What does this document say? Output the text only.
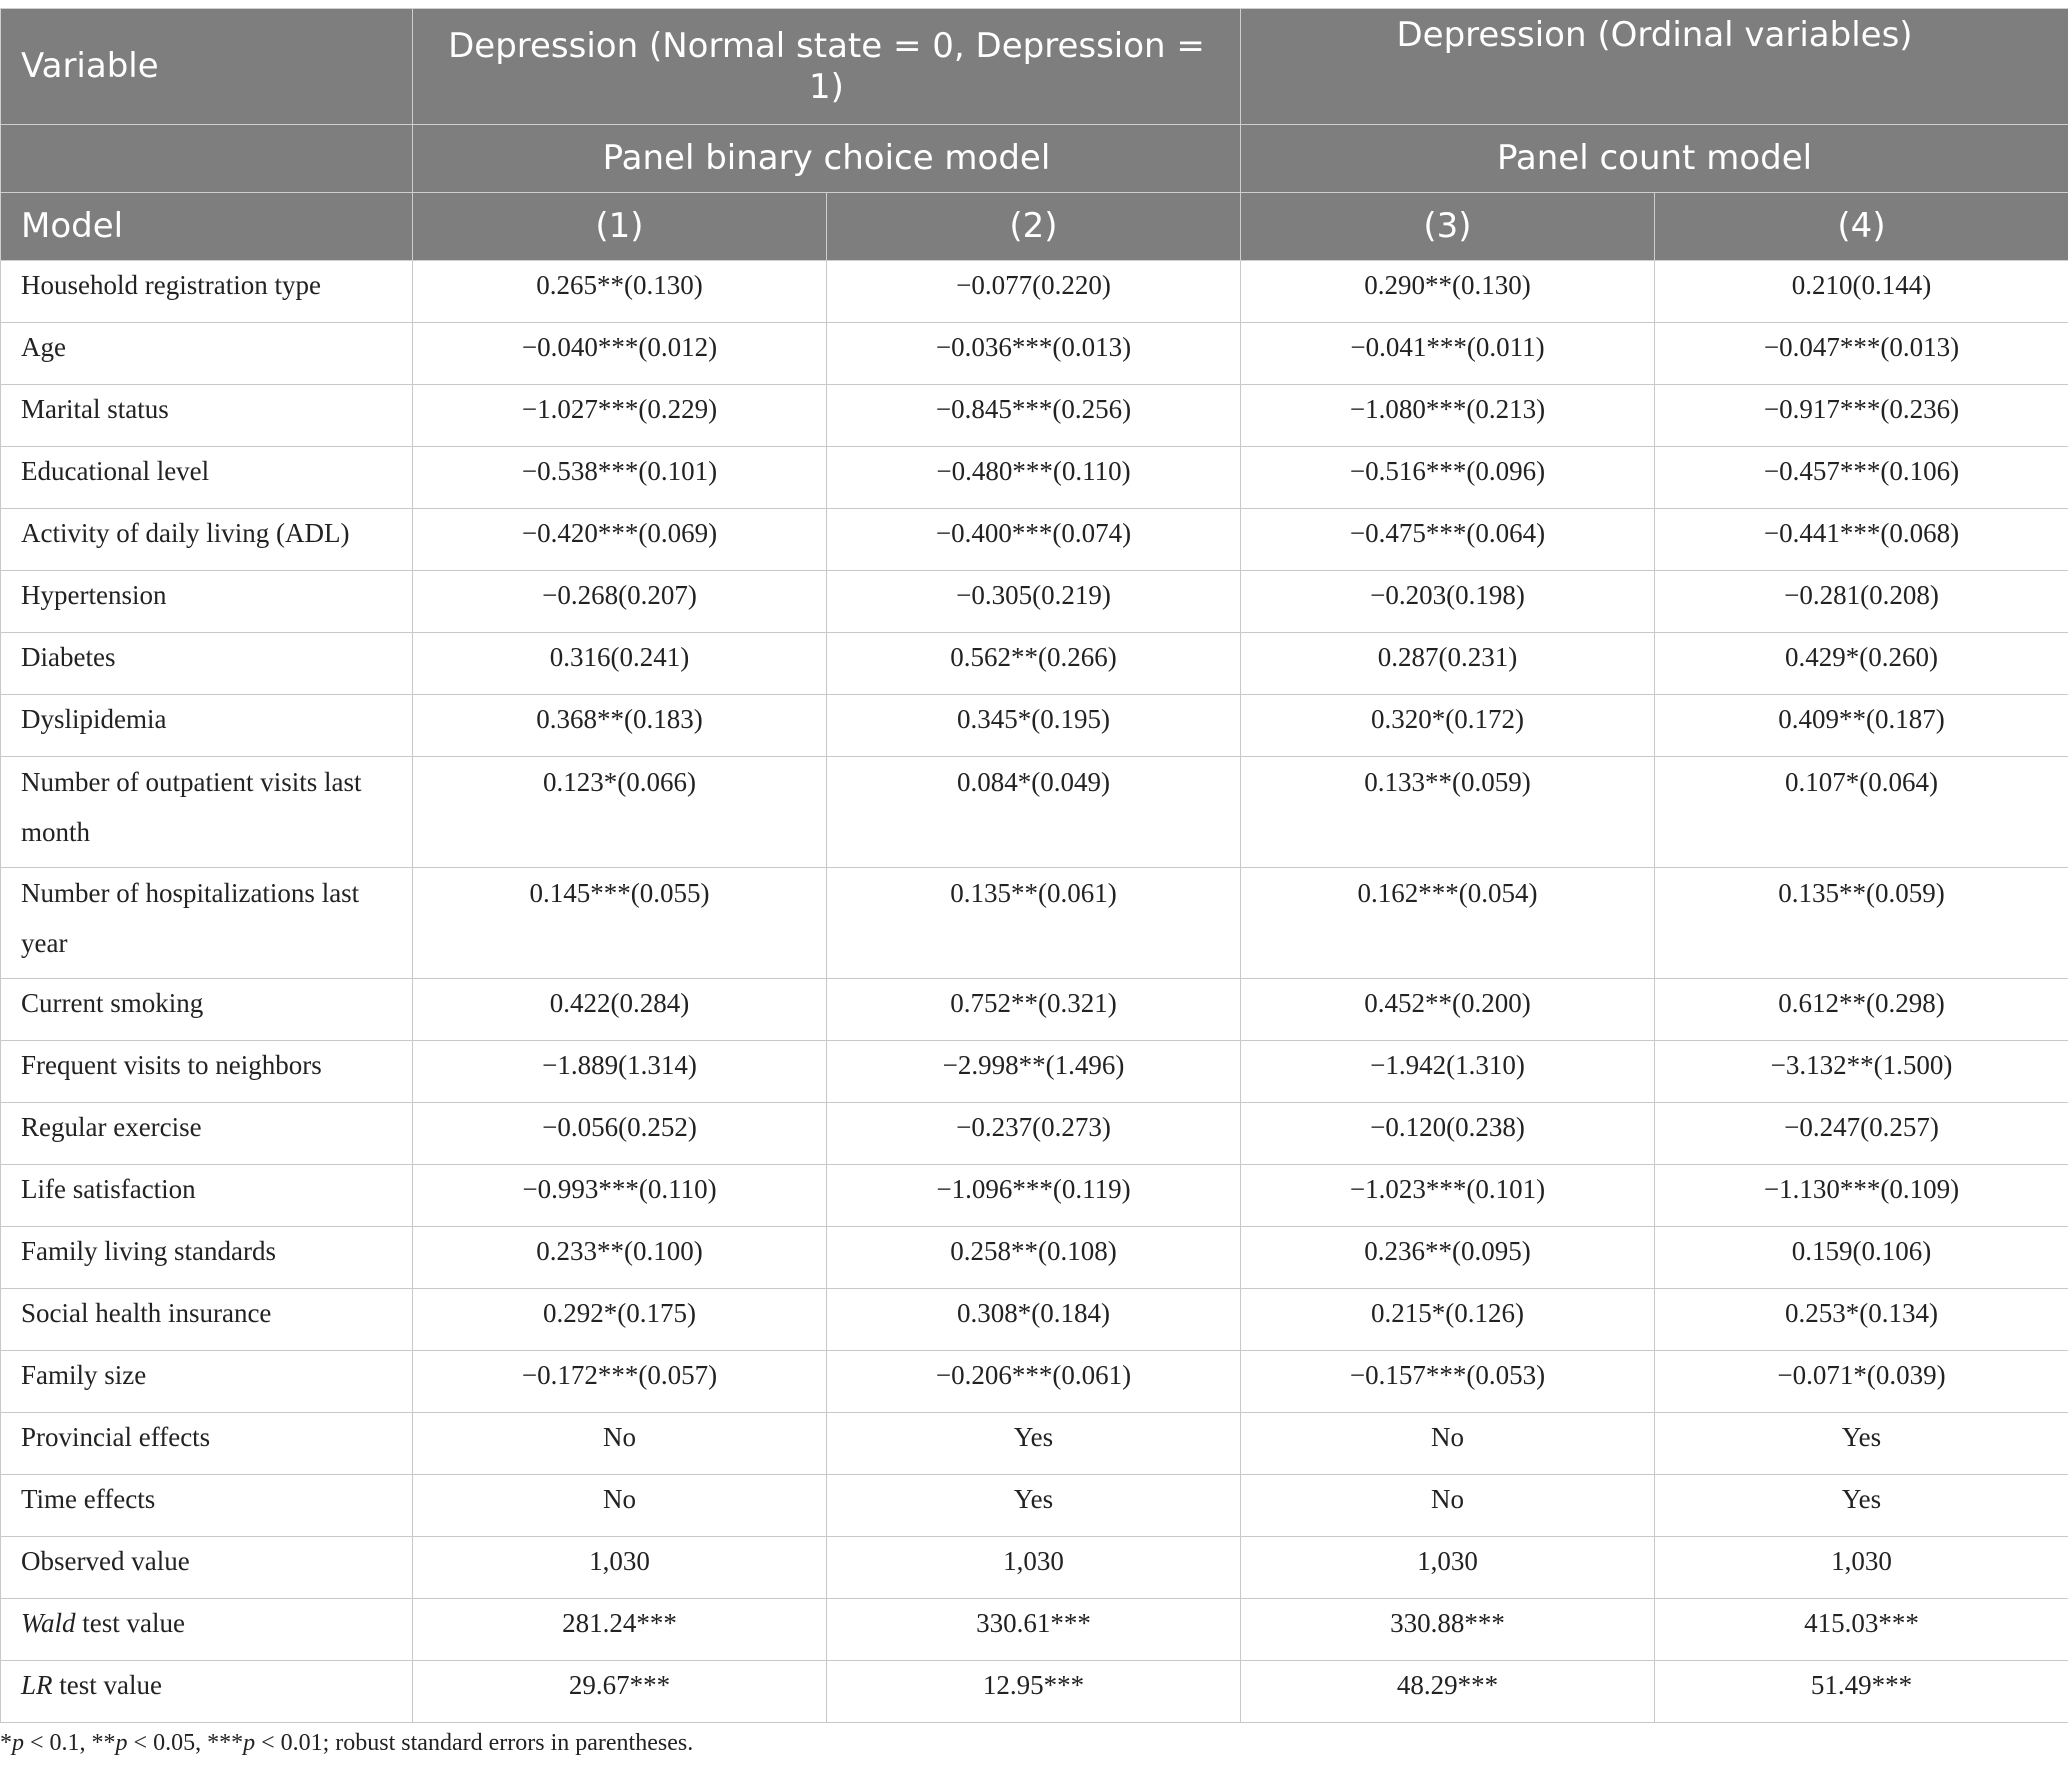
Variable	Depression (Normal state = 0, Depression = 1)		Depression (Ordinal variables)	
	Panel binary choice model		Panel count model	
Model	(1)	(2)	(3)	(4)
Household registration type	0.265**(0.130)	−0.077(0.220)	0.290**(0.130)	0.210(0.144)
Age	−0.040***(0.012)	−0.036***(0.013)	−0.041***(0.011)	−0.047***(0.013)
Marital status	−1.027***(0.229)	−0.845***(0.256)	−1.080***(0.213)	−0.917***(0.236)
Educational level	−0.538***(0.101)	−0.480***(0.110)	−0.516***(0.096)	−0.457***(0.106)
Activity of daily living (ADL)	−0.420***(0.069)	−0.400***(0.074)	−0.475***(0.064)	−0.441***(0.068)
Hypertension	−0.268(0.207)	−0.305(0.219)	−0.203(0.198)	−0.281(0.208)
Diabetes	0.316(0.241)	0.562**(0.266)	0.287(0.231)	0.429*(0.260)
Dyslipidemia	0.368**(0.183)	0.345*(0.195)	0.320*(0.172)	0.409**(0.187)
Number of outpatient visits last month	0.123*(0.066)	0.084*(0.049)	0.133**(0.059)	0.107*(0.064)
Number of hospitalizations last year	0.145***(0.055)	0.135**(0.061)	0.162***(0.054)	0.135**(0.059)
Current smoking	0.422(0.284)	0.752**(0.321)	0.452**(0.200)	0.612**(0.298)
Frequent visits to neighbors	−1.889(1.314)	−2.998**(1.496)	−1.942(1.310)	−3.132**(1.500)
Regular exercise	−0.056(0.252)	−0.237(0.273)	−0.120(0.238)	−0.247(0.257)
Life satisfaction	−0.993***(0.110)	−1.096***(0.119)	−1.023***(0.101)	−1.130***(0.109)
Family living standards	0.233**(0.100)	0.258**(0.108)	0.236**(0.095)	0.159(0.106)
Social health insurance	0.292*(0.175)	0.308*(0.184)	0.215*(0.126)	0.253*(0.134)
Family size	−0.172***(0.057)	−0.206***(0.061)	−0.157***(0.053)	−0.071*(0.039)
Provincial effects	No	Yes	No	Yes
Time effects	No	Yes	No	Yes
Observed value	1,030	1,030	1,030	1,030
Wald test value	281.24***	330.61***	330.88***	415.03***
LR test value	29.67***	12.95***	48.29***	51.49***
*p < 0.1, **p < 0.05, ***p < 0.01; robust standard errors in parentheses.
